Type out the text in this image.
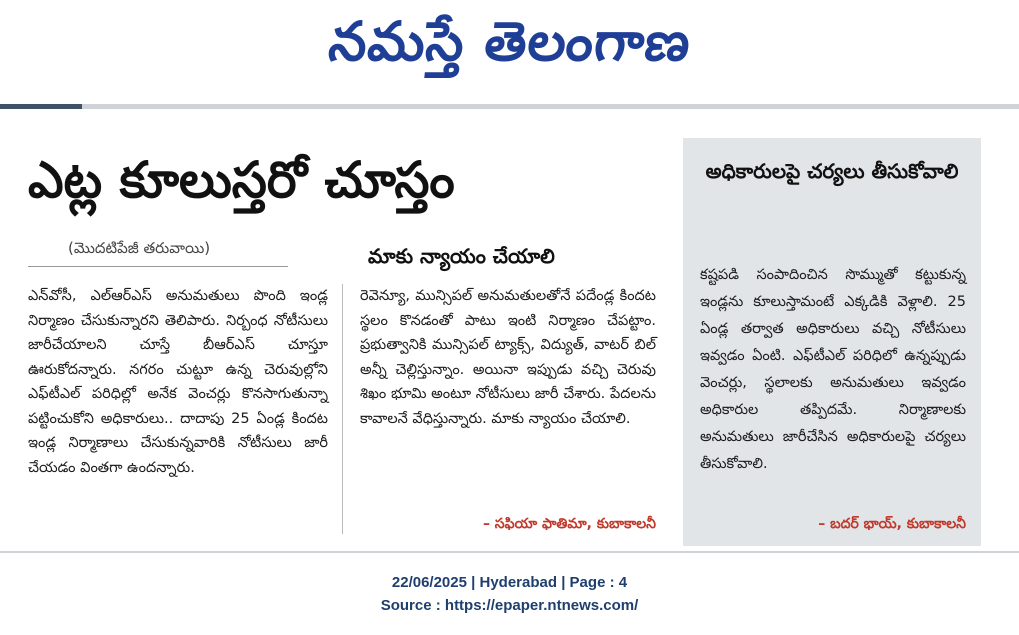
నమస్తే తెలంగాణ
ఎట్ల కూలుస్తరో చూస్తం
(మొదటిపేజీ తరువాయి)
ఎన్‌వోసీ, ఎల్‌ఆర్‌ఎస్ అనుమతులు పొంది ఇండ్ల నిర్మాణం చేసుకున్నారని తెలిపారు. నిర్బంధ నోటీసులు జారీచేయాలని చూస్తే బీఆర్‌ఎస్ చూస్తూ ఊరుకోదన్నారు. నగరం చుట్టూ ఉన్న చెరువుల్లోని ఎఫ్‌టీఎల్ పరిధిల్లో అనేక వెంచర్లు కొనసాగుతున్నా పట్టించుకోని అధికారులు.. దాదాపు 25 ఏండ్ల కిందట ఇండ్ల నిర్మాణాలు చేసుకున్నవారికి నోటీసులు జారీ చేయడం వింతగా ఉందన్నారు.
మాకు న్యాయం చేయాలి
రెవెన్యూ, మున్సిపల్ అనుమతులతోనే పదేండ్ల కిందట స్థలం కొనడంతో పాటు ఇంటి నిర్మాణం చేపట్టాం. ప్రభుత్వానికి మున్సిపల్ ట్యాక్స్, విద్యుత్, వాటర్ బిల్ అన్నీ చెల్లిస్తున్నాం. అయినా ఇప్పుడు వచ్చి చెరువు శిఖం భూమి అంటూ నోటీసులు జారీ చేశారు. పేదలను కావాలనే వేధిస్తున్నారు. మాకు న్యాయం చేయాలి.
– సఫియా ఫాతిమా, కుబాకాలనీ
అధికారులపై చర్యలు తీసుకోవాలి
కష్టపడి సంపాదించిన సొమ్ముతో కట్టుకున్న ఇండ్లను కూలుస్తామంటే ఎక్కడికి వెళ్లాలి. 25 ఏండ్ల తర్వాత అధికారులు వచ్చి నోటీసులు ఇవ్వడం ఏంటి. ఎఫ్‌టీఎల్ పరిధిలో ఉన్నప్పుడు వెంచర్లు, స్థలాలకు అనుమతులు ఇవ్వడం అధికారుల తప్పిదమే. నిర్మాణాలకు అనుమతులు జారీచేసిన అధికారులపై చర్యలు తీసుకోవాలి.
– బదర్ భాయ్, కుబాకాలనీ
22/06/2025 | Hyderabad | Page : 4
Source : https://epaper.ntnews.com/
